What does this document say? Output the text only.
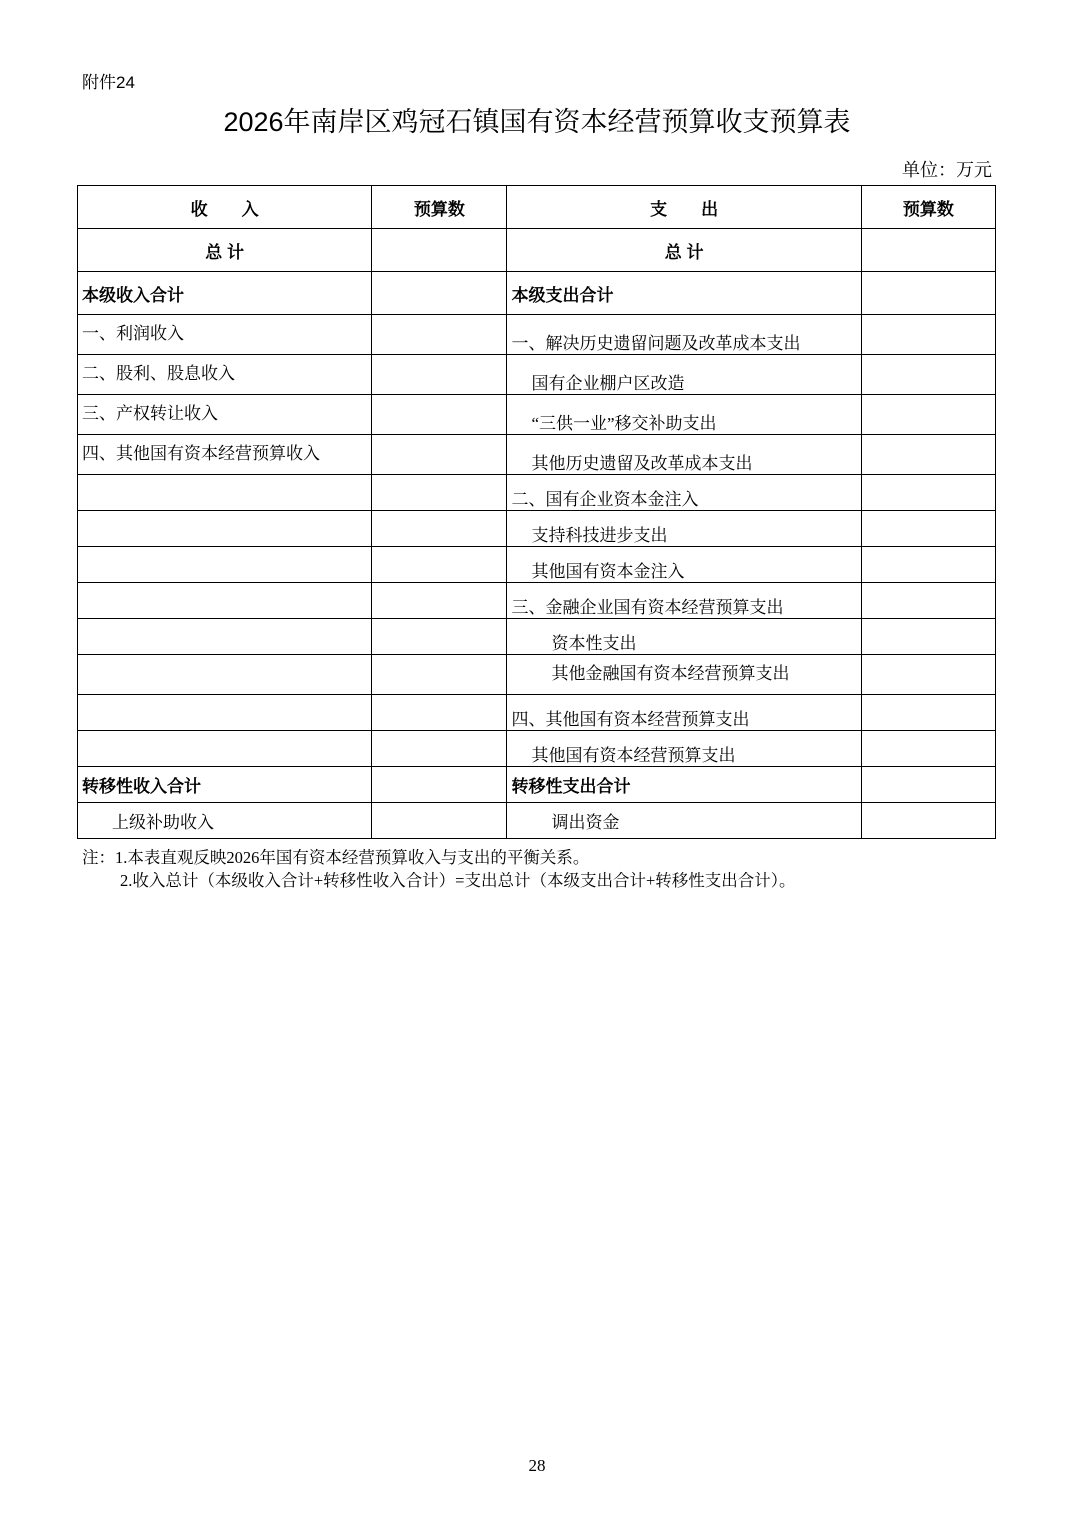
附件24
2026年南岸区鸡冠石镇国有资本经营预算收支预算表
单位：万元
收　　入	预算数	支　　出	预算数
总 计		总 计	
本级收入合计		本级支出合计	
一、利润收入		一、解决历史遗留问题及改革成本支出	
二、股利、股息收入		国有企业棚户区改造	
三、产权转让收入		“三供一业”移交补助支出	
四、其他国有资本经营预算收入		其他历史遗留及改革成本支出	
		二、国有企业资本金注入	
		支持科技进步支出	
		其他国有资本金注入	
		三、金融企业国有资本经营预算支出	
		资本性支出	
		其他金融国有资本经营预算支出	
		四、其他国有资本经营预算支出	
		其他国有资本经营预算支出	
转移性收入合计		转移性支出合计	
上级补助收入		调出资金	
注：1.本表直观反映2026年国有资本经营预算收入与支出的平衡关系。
2.收入总计（本级收入合计+转移性收入合计）=支出总计（本级支出合计+转移性支出合计）。
28
